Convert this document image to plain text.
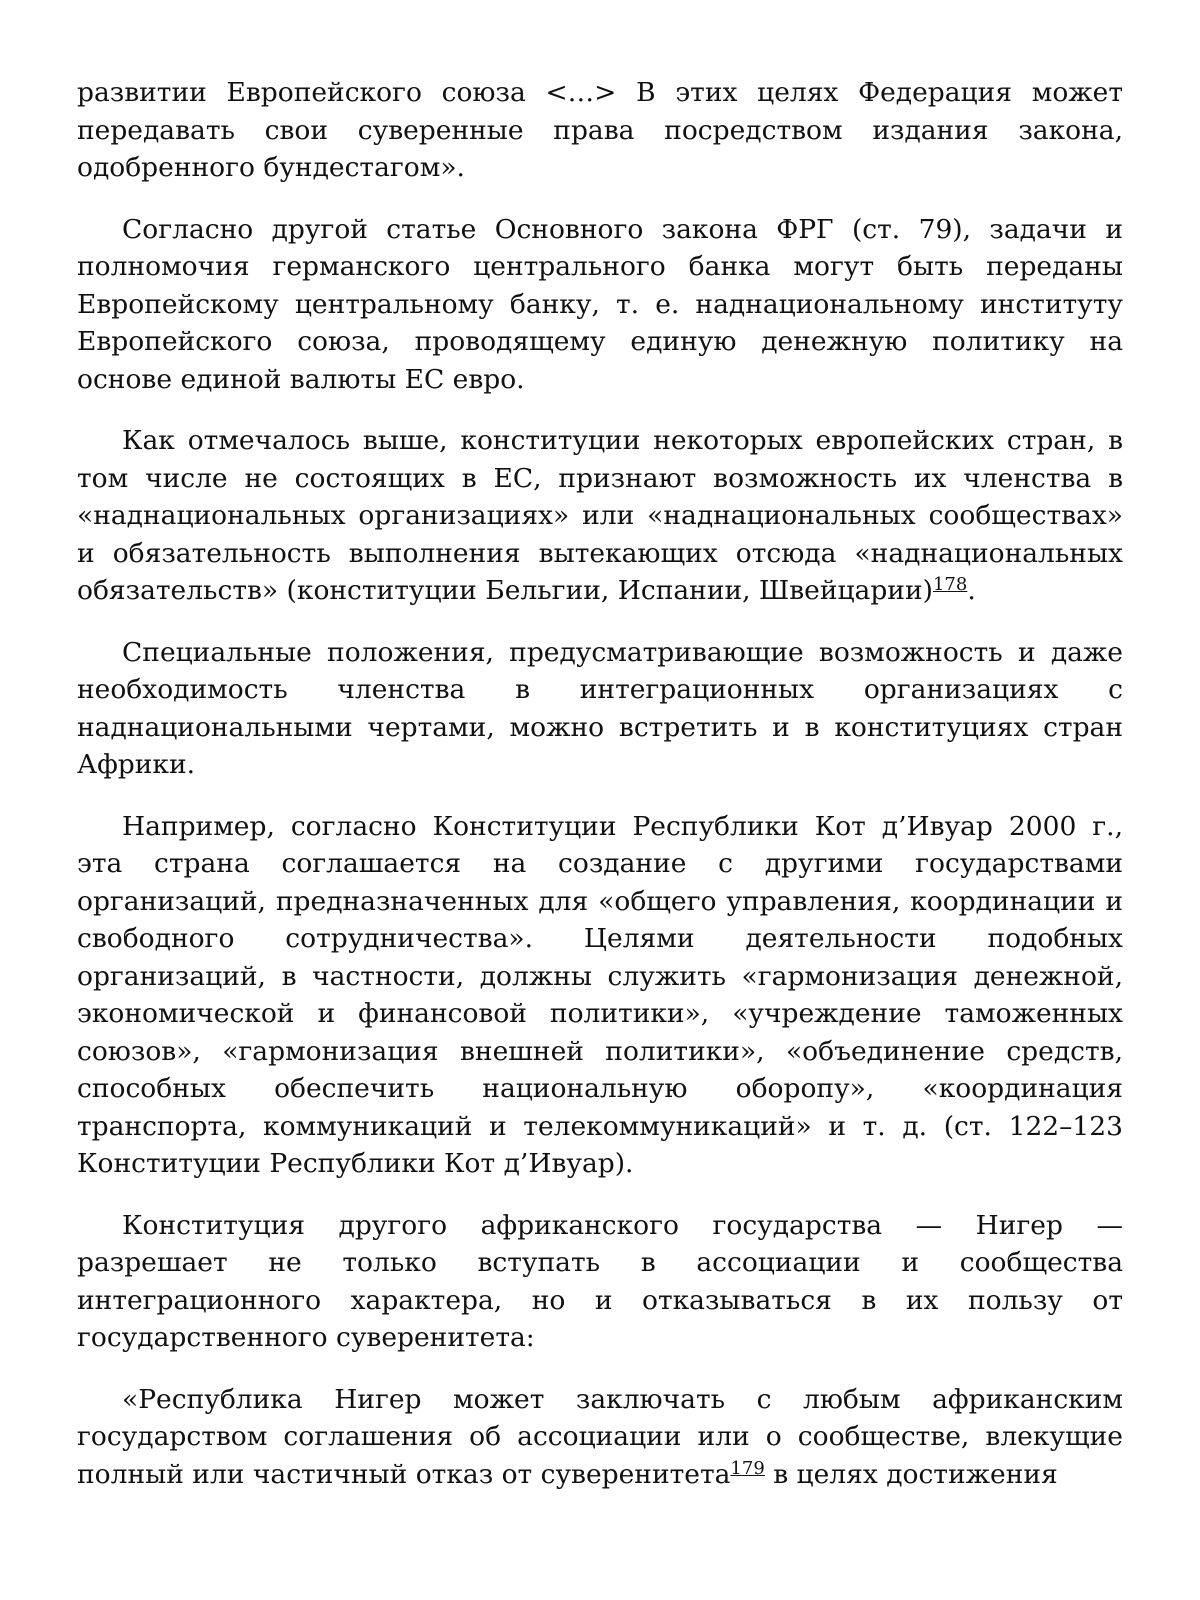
развитии Европейского союза <…> В этих целях Федерация может передавать свои суверенные права посредством издания закона, одобренного бундестагом».

Согласно другой статье Основного закона ФРГ (ст. 79), задачи и полномочия германского центрального банка могут быть переданы Европейскому центральному банку, т. е. наднациональному институту Европейского союза, проводящему единую денежную политику на основе единой валюты ЕС евро.

Как отмечалось выше, конституции некоторых европейских стран, в том числе не состоящих в ЕС, признают возможность их членства в «наднациональных организациях» или «наднациональных сообществах» и обязательность выполнения вытекающих отсюда «наднациональных обязательств» (конституции Бельгии, Испании, Швейцарии)$^{178}$.

Специальные положения, предусматривающие возможность и даже необходимость членства в интеграционных организациях с наднациональными чертами, можно встретить и в конституциях стран Африки.

Например, согласно Конституции Республики Кот д’Ивуар 2000 г., эта страна соглашается на создание с другими государствами организаций, предназначенных для «общего управления, координации и свободного сотрудничества». Целями деятельности подобных организаций, в частности, должны служить «гармонизация денежной, экономической и финансовой политики», «учреждение таможенных союзов», «гармонизация внешней политики», «объединение средств, способных обеспечить национальную оборопу», «координация транспорта, коммуникаций и телекоммуникаций» и т. д. (ст. 122–123 Конституции Республики Кот д’Ивуар).

Конституция другого африканского государства — Нигер — разрешает не только вступать в ассоциации и сообщества интеграционного характера, но и отказываться в их пользу от государственного суверенитета:

«Республика Нигер может заключать с любым африканским государством соглашения об ассоциации или о сообществе, влекущие полный или частичный отказ от суверенитета$^{179}$ в целях достижения
